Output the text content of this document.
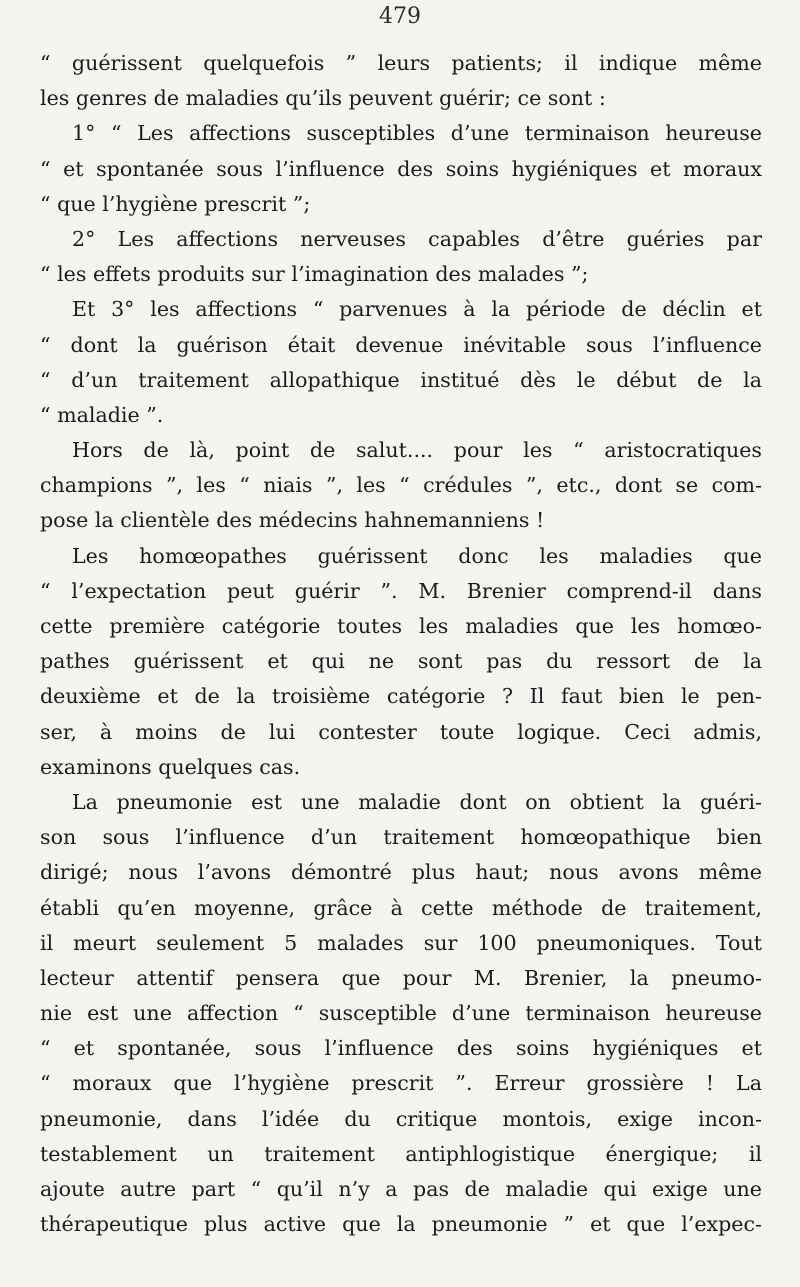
479
“ guérissent quelquefois ” leurs patients; il indique même
les genres de maladies qu’ils peuvent guérir; ce sont :
1° “ Les affections susceptibles d’une terminaison heureuse
“ et spontanée sous l’influence des soins hygiéniques et moraux
“ que l’hygiène prescrit ”;
2° Les affections nerveuses capables d’être guéries par
“ les effets produits sur l’imagination des malades ”;
Et 3° les affections “ parvenues à la période de déclin et
“ dont la guérison était devenue inévitable sous l’influence
“ d’un traitement allopathique institué dès le début de la
“ maladie ”.
Hors de là, point de salut.... pour les “ aristocratiques
champions ”, les “ niais ”, les “ crédules ”, etc., dont se com-
pose la clientèle des médecins hahnemanniens !
Les homœopathes guérissent donc les maladies que
“ l’expectation peut guérir ”. M. Brenier comprend-il dans
cette première catégorie toutes les maladies que les homœo-
pathes guérissent et qui ne sont pas du ressort de la
deuxième et de la troisième catégorie ? Il faut bien le pen-
ser, à moins de lui contester toute logique. Ceci admis,
examinons quelques cas.
La pneumonie est une maladie dont on obtient la guéri-
son sous l’influence d’un traitement homœopathique bien
dirigé; nous l’avons démontré plus haut; nous avons même
établi qu’en moyenne, grâce à cette méthode de traitement,
il meurt seulement 5 malades sur 100 pneumoniques. Tout
lecteur attentif pensera que pour M. Brenier, la pneumo-
nie est une affection “ susceptible d’une terminaison heureuse
“ et spontanée, sous l’influence des soins hygiéniques et
“ moraux que l’hygiène prescrit ”. Erreur grossière ! La
pneumonie, dans l’idée du critique montois, exige incon-
testablement un traitement antiphlogistique énergique; il
ajoute autre part “ qu’il n’y a pas de maladie qui exige une
thérapeutique plus active que la pneumonie ” et que l’expec-
